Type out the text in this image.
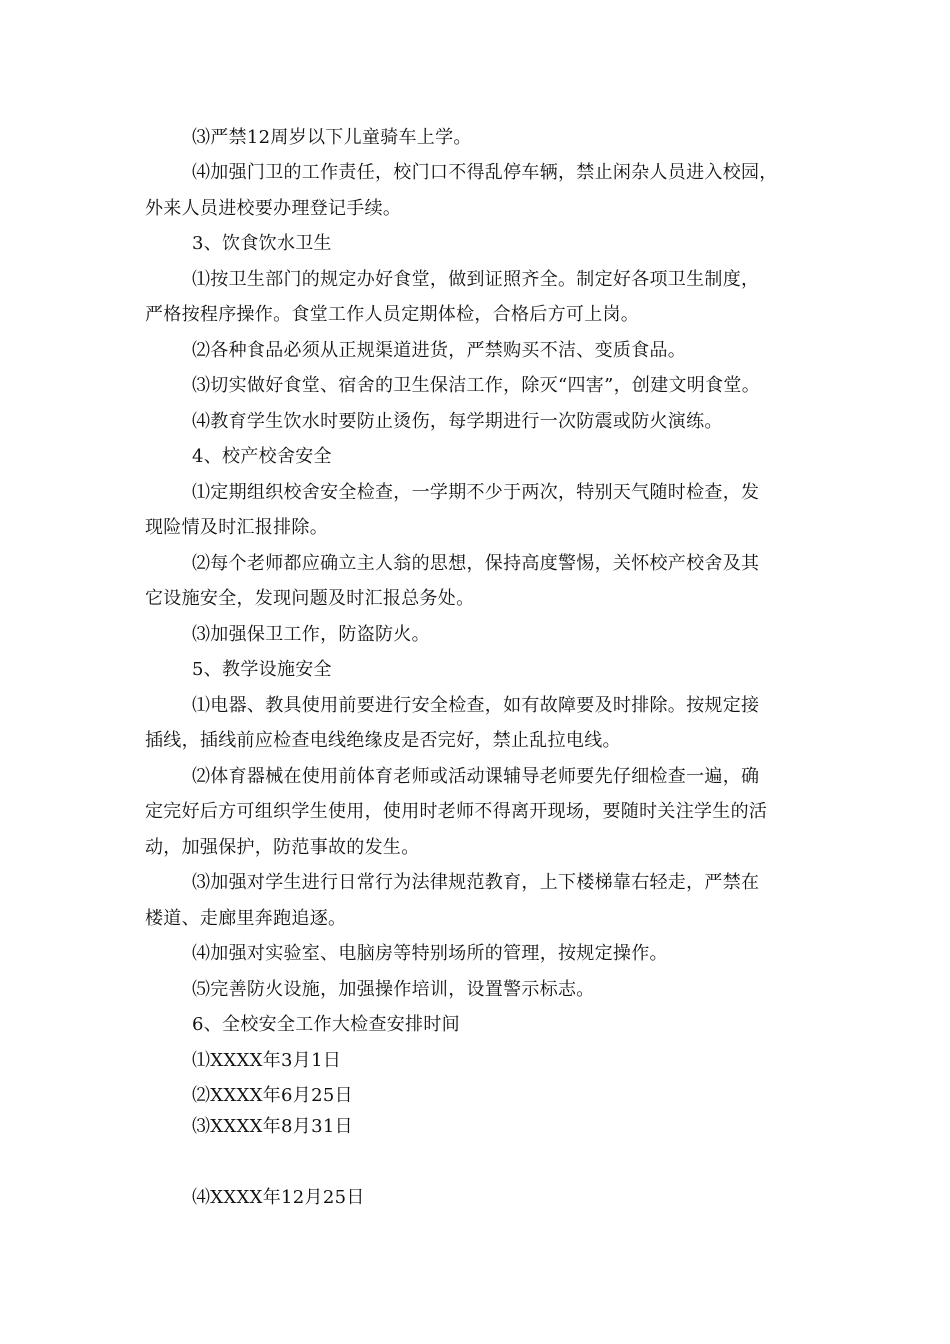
⑶严禁12周岁以下儿童骑车上学。
⑷加强门卫的工作责任，校门口不得乱停车辆，禁止闲杂人员进入校园，
外来人员进校要办理登记手续。
3、饮食饮水卫生
⑴按卫生部门的规定办好食堂，做到证照齐全。制定好各项卫生制度，
严格按程序操作。食堂工作人员定期体检，合格后方可上岗。
⑵各种食品必须从正规渠道进货，严禁购买不洁、变质食品。
⑶切实做好食堂、宿舍的卫生保洁工作，除灭“四害”，创建文明食堂。
⑷教育学生饮水时要防止烫伤，每学期进行一次防震或防火演练。
4、校产校舍安全
⑴定期组织校舍安全检查，一学期不少于两次，特别天气随时检查，发
现险情及时汇报排除。
⑵每个老师都应确立主人翁的思想，保持高度警惕，关怀校产校舍及其
它设施安全，发现问题及时汇报总务处。
⑶加强保卫工作，防盗防火。
5、教学设施安全
⑴电器、教具使用前要进行安全检查，如有故障要及时排除。按规定接
插线，插线前应检查电线绝缘皮是否完好，禁止乱拉电线。
⑵体育器械在使用前体育老师或活动课辅导老师要先仔细检查一遍，确
定完好后方可组织学生使用，使用时老师不得离开现场，要随时关注学生的活
动，加强保护，防范事故的发生。
⑶加强对学生进行日常行为法律规范教育，上下楼梯靠右轻走，严禁在
楼道、走廊里奔跑追逐。
⑷加强对实验室、电脑房等特别场所的管理，按规定操作。
⑸完善防火设施，加强操作培训，设置警示标志。
6、全校安全工作大检查安排时间
⑴XXXX年3月1日
⑵XXXX年6月25日
⑶XXXX年8月31日
⑷XXXX年12月25日
